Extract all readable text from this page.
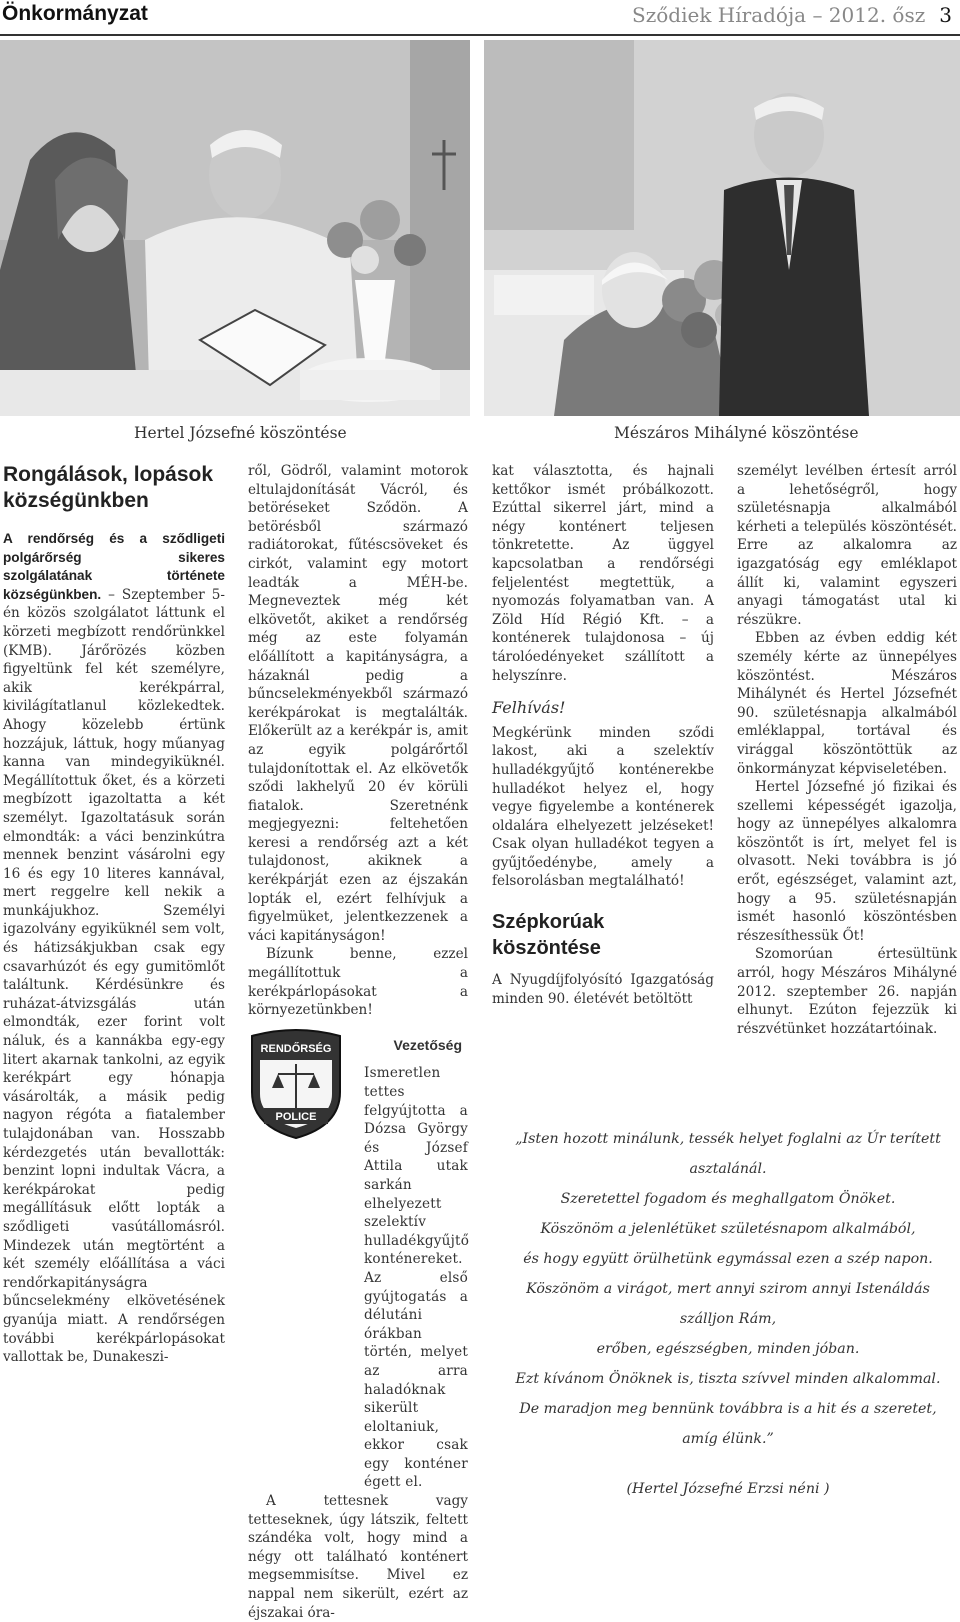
Önkormányzat	Sződiek Híradója – 2012. ősz 3
Hertel Józsefné köszöntése	Mészáros Mihályné köszöntése
Rongálások, lopások községünkben

A rendőrség és a sződligeti polgárőrség sikeres szolgálatának története községünkben. – Szeptember 5-én közös szolgálatot láttunk el körzeti megbízott rendőrünkkel (KMB). Járőrözés közben figyeltünk fel két személyre, akik kerékpárral, kivilágítatlanul közlekedtek. Ahogy közelebb értünk hozzájuk, láttuk, hogy műanyag kanna van mindegyiküknél. Megállítottuk őket, és a körzeti megbízott igazoltatta a két személyt. Igazoltatásuk során elmondták: a váci benzinkútra mennek benzint vásárolni egy 16 és egy 10 literes kannával, mert reggelre kell nekik a munkájukhoz. Személyi igazolvány egyiküknél sem volt, és hátizsákjukban csak egy csavarhúzót és egy gumitömlőt találtunk. Kérdésünkre és ruházat-átvizsgálás után elmondták, ezer forint volt náluk, és a kannákba egy-egy litert akarnak tankolni, az egyik kerékpárt egy hónapja vásárolták, a másik pedig nagyon régóta a fiatalember tulajdonában van. Hosszabb kérdezgetés után bevallották: benzint lopni indultak Vácra, a kerékpárokat pedig megállításuk előtt lopták a sződligeti vasútállomásról. Mindezek után megtörtént a két személy előállítása a váci rendőrkapitányságra bűncselekmény elkövetésének gyanúja miatt. A rendőrségen további kerékpárlopásokat vallottak be, Dunakeszi-

ről, Gödről, valamint motorok eltulajdonítását Vácról, és betöréseket Sződön. A betörésből származó radiátorokat, fűtéscsöveket és cirkót, valamint egy motort leadták a MÉH-be. Megneveztek még két elkövetőt, akiket a rendőrség még az este folyamán előállított a kapitányságra, a házaknál pedig a bűncselekményekből származó kerékpárokat is megtalálták. Előkerült az a kerékpár is, amit az egyik polgárőrtől tulajdonítottak el. Az elkövetők sződi lakhelyű 20 év körüli fiatalok. Szeretnénk megjegyezni: feltehetően keresi a rendőrség azt a két tulajdonost, akiknek a kerékpárját ezen az éjszakán lopták el, ezért felhívjuk a figyelmüket, jelentkezzenek a váci kapitányságon!

Bízunk benne, ezzel megállítottuk a kerékpárlopásokat a környezetünkben!

Vezetőség

Ismeretlen tettes felgyújtotta a Dózsa György és József Attila utak sarkán elhelyezett szelektív hulladékgyűjtő konténereket. Az első gyújtogatás a délutáni órákban történ, melyet az arra haladóknak sikerült eloltaniuk, ekkor csak egy konténer égett el.

A tettesnek vagy tetteseknek, úgy látszik, feltett szándéka volt, hogy mind a négy ott található konténert megsemmisítse. Mivel ez nappal nem sikerült, ezért az éjszakai óra-

RENDŐRSÉG
POLICE

kat választotta, és hajnali kettőkor ismét próbálkozott. Ezúttal sikerrel járt, mind a négy konténert teljesen tönkretette. Az üggyel kapcsolatban a rendőrségi feljelentést megtettük, a nyomozás folyamatban van. A Zöld Híd Régió Kft. – a konténerek tulajdonosa – új tárolóedényeket szállított a helyszínre.

Felhívás!

Megkérünk minden sződi lakost, aki a szelektív hulladékgyűjtő konténerekbe hulladékot helyez el, hogy vegye figyelembe a konténerek oldalára elhelyezett jelzéseket! Csak olyan hulladékot tegyen a gyűjtőedénybe, amely a felsorolásban megtalálható!

Szépkorúak köszöntése

A Nyugdíjfolyósító Igazgatóság minden 90. életévét betöltött

személyt levélben értesít arról a lehetőségről, hogy születésnapja alkalmából kérheti a település köszöntését. Erre az alkalomra az igazgatóság egy emléklapot állít ki, valamint egyszeri anyagi támogatást utal ki részükre.

Ebben az évben eddig két személy kérte az ünnepélyes köszöntést. Mészáros Mihálynét és Hertel Józsefnét 90. születésnapja alkalmából emléklappal, tortával és virággal köszöntöttük az önkormányzat képviseletében.

Hertel Józsefné jó fizikai és szellemi képességét igazolja, hogy az ünnepélyes alkalomra köszöntőt is írt, melyet fel is olvasott. Neki továbbra is jó erőt, egészséget, valamint azt, hogy a 95. születésnapján ismét hasonló köszöntésben részesíthessük Őt!

Szomorúan értesültünk arról, hogy Mészáros Mihályné 2012. szeptember 26. napján elhunyt. Ezúton fejezzük ki részvétünket hozzátartóinak.

„Isten hozott minálunk, tessék helyet foglalni az Úr terített asztalánál.
Szeretettel fogadom és meghallgatom Önöket.
Köszönöm a jelenlétüket születésnapom alkalmából,
és hogy együtt örülhetünk egymással ezen a szép napon.
Köszönöm a virágot, mert annyi szirom annyi Istenáldás szálljon Rám,
erőben, egészségben, minden jóban.
Ezt kívánom Önöknek is, tiszta szívvel minden alkalommal.
De maradjon meg bennünk továbbra is a hit és a szeretet, amíg élünk.”
(Hertel Józsefné Erzsi néni )
